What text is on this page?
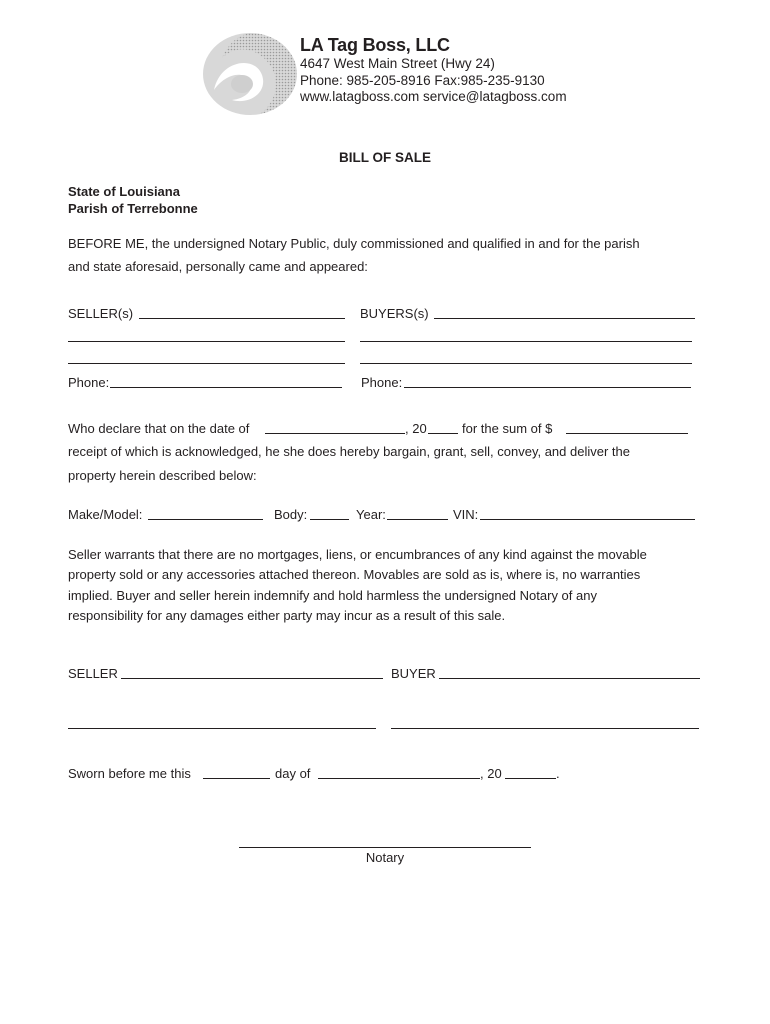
LA Tag Boss, LLC
4647 West Main Street (Hwy 24)
Phone: 985-205-8916 Fax:985-235-9130
www.latagboss.com service@latagboss.com
BILL OF SALE
State of Louisiana
Parish of Terrebonne
BEFORE ME, the undersigned Notary Public, duly commissioned and qualified in and for the parish
and state aforesaid, personally came and appeared:
SELLER(s)	BUYERS(s)
Phone:	Phone:
Who declare that on the date of	, 20	for the sum of $
receipt of which is acknowledged, he she does hereby bargain, grant, sell, convey, and deliver the
property herein described below:
Make/Model:	Body:	Year:	VIN:
Seller warrants that there are no mortgages, liens, or encumbrances of any kind against the movable
property sold or any accessories attached thereon. Movables are sold as is, where is, no warranties
implied. Buyer and seller herein indemnify and hold harmless the undersigned Notary of any
responsibility for any damages either party may incur as a result of this sale.
SELLER	BUYER
Sworn before me this	day of	, 20	.
Notary
